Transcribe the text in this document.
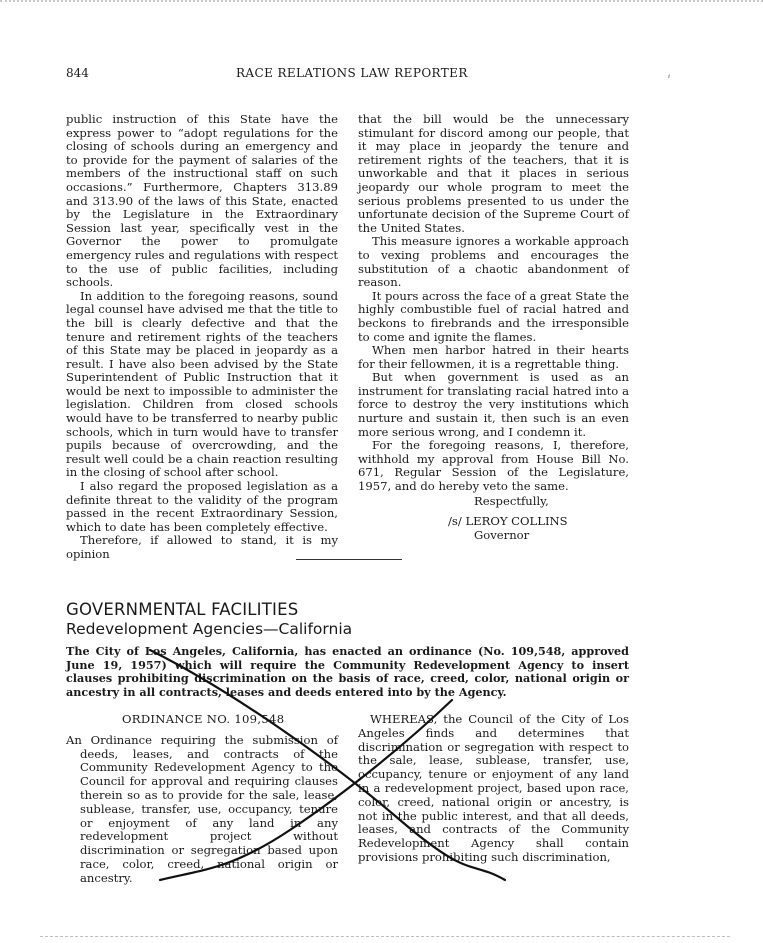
844	RACE RELATIONS LAW REPORTER	ᵢ

public instruction of this State have the express power to “adopt regulations for the closing of schools during an emergency and to provide for the payment of salaries of the members of the instructional staff on such occasions.” Furthermore, Chapters 313.89 and 313.90 of the laws of this State, enacted by the Legislature in the Extraordinary Session last year, specifically vest in the Governor the power to promulgate emergency rules and regulations with respect to the use of public facilities, including schools.

In addition to the foregoing reasons, sound legal counsel have advised me that the title to the bill is clearly defective and that the tenure and retirement rights of the teachers of this State may be placed in jeopardy as a result. I have also been advised by the State Superintendent of Public Instruction that it would be next to impossible to administer the legislation. Children from closed schools would have to be transferred to nearby public schools, which in turn would have to transfer pupils because of overcrowding, and the result well could be a chain reaction resulting in the closing of school after school.

I also regard the proposed legislation as a definite threat to the validity of the program passed in the recent Extraordinary Session, which to date has been completely effective.

Therefore, if allowed to stand, it is my opinion

that the bill would be the unnecessary stimulant for discord among our people, that it may place in jeopardy the tenure and retirement rights of the teachers, that it is unworkable and that it places in serious jeopardy our whole program to meet the serious problems presented to us under the unfortunate decision of the Supreme Court of the United States.

This measure ignores a workable approach to vexing problems and encourages the substitution of a chaotic abandonment of reason.

It pours across the face of a great State the highly combustible fuel of racial hatred and beckons to firebrands and the irresponsible to come and ignite the flames.

When men harbor hatred in their hearts for their fellowmen, it is a regrettable thing.

But when government is used as an instrument for translating racial hatred into a force to destroy the very institutions which nurture and sustain it, then such is an even more serious wrong, and I condemn it.

For the foregoing reasons, I, therefore, withhold my approval from House Bill No. 671, Regular Session of the Legislature, 1957, and do hereby veto the same.

Respectfully,

/s/ LEROY COLLINS

Governor

GOVERNMENTAL FACILITIES
Redevelopment Agencies—California
The City of Los Angeles, California, has enacted an ordinance (No. 109,548, approved June 19, 1957) which will require the Community Redevelopment Agency to insert clauses prohibiting discrimination on the basis of race, creed, color, national origin or ancestry in all contracts, leases and deeds entered into by the Agency.

ORDINANCE NO. 109,548

An Ordinance requiring the submission of deeds, leases, and contracts of the Community Redevelopment Agency to the Council for approval and requiring clauses therein so as to provide for the sale, lease, sublease, transfer, use, occupancy, tenure or enjoyment of any land in any redevelopment project without discrimination or segregation based upon race, color, creed, national origin or ancestry.

WHEREAS, the Council of the City of Los Angeles finds and determines that discrimination or segregation with respect to the sale, lease, sublease, transfer, use, occupancy, tenure or enjoyment of any land in a redevelopment project, based upon race, color, creed, national origin or ancestry, is not in the public interest, and that all deeds, leases, and contracts of the Community Redevelopment Agency shall contain provisions prohibiting such discrimination,
